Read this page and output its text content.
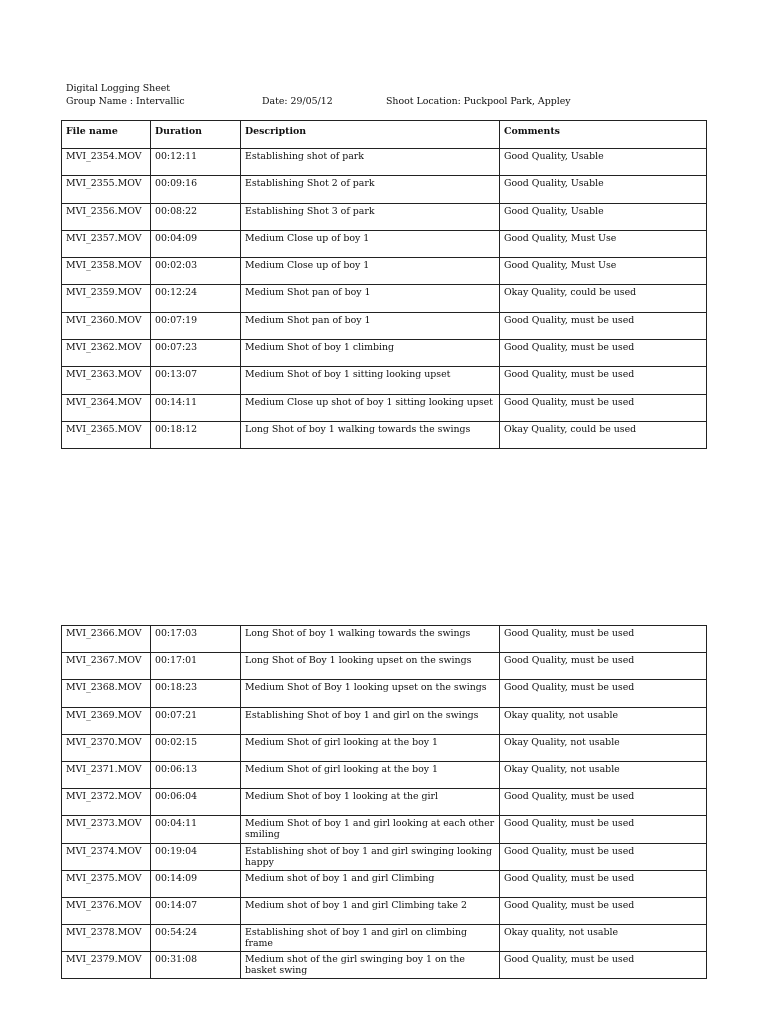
Digital Logging Sheet
Group Name : Intervallic	Date: 29/05/12	Shoot Location: Puckpool Park, Appley
File name	Duration	Description	Comments
MVI_2354.MOV	00:12:11	Establishing shot of park	Good Quality, Usable
MVI_2355.MOV	00:09:16	Establishing Shot 2 of park	Good Quality, Usable
MVI_2356.MOV	00:08:22	Establishing Shot 3 of park	Good Quality, Usable
MVI_2357.MOV	00:04:09	Medium Close up of boy 1	Good Quality, Must Use
MVI_2358.MOV	00:02:03	Medium Close up of boy 1	Good Quality, Must Use
MVI_2359.MOV	00:12:24	Medium Shot pan of boy 1	Okay Quality, could be used
MVI_2360.MOV	00:07:19	Medium Shot pan of boy 1	Good Quality, must be used
MVI_2362.MOV	00:07:23	Medium Shot of boy 1 climbing	Good Quality, must be used
MVI_2363.MOV	00:13:07	Medium Shot of boy 1 sitting looking upset	Good Quality, must be used
MVI_2364.MOV	00:14:11	Medium Close up shot of boy 1 sitting looking upset	Good Quality, must be used
MVI_2365.MOV	00:18:12	Long Shot of boy 1 walking towards the swings	Okay Quality, could be used
MVI_2366.MOV	00:17:03	Long Shot of boy 1 walking towards the swings	Good Quality, must be used
MVI_2367.MOV	00:17:01	Long Shot of Boy 1 looking upset on the swings	Good Quality, must be used
MVI_2368.MOV	00:18:23	Medium Shot of Boy 1 looking upset on the swings	Good Quality, must be used
MVI_2369.MOV	00:07:21	Establishing Shot of boy 1 and girl on the swings	Okay quality, not usable
MVI_2370.MOV	00:02:15	Medium Shot of girl looking at the boy 1	Okay Quality, not usable
MVI_2371.MOV	00:06:13	Medium Shot of girl looking at the boy 1	Okay Quality, not usable
MVI_2372.MOV	00:06:04	Medium Shot of boy 1 looking at the girl	Good Quality, must be used
MVI_2373.MOV	00:04:11	Medium Shot of boy 1 and girl looking at each other smiling	Good Quality, must be used
MVI_2374.MOV	00:19:04	Establishing shot of boy 1 and girl swinging looking happy	Good Quality, must be used
MVI_2375.MOV	00:14:09	Medium shot of boy 1 and girl Climbing	Good Quality, must be used
MVI_2376.MOV	00:14:07	Medium shot of boy 1 and girl Climbing take 2	Good Quality, must be used
MVI_2378.MOV	00:54:24	Establishing shot of boy 1 and girl on climbing frame	Okay quality, not usable
MVI_2379.MOV	00:31:08	Medium shot of the girl swinging boy 1 on the basket swing	Good Quality, must be used
